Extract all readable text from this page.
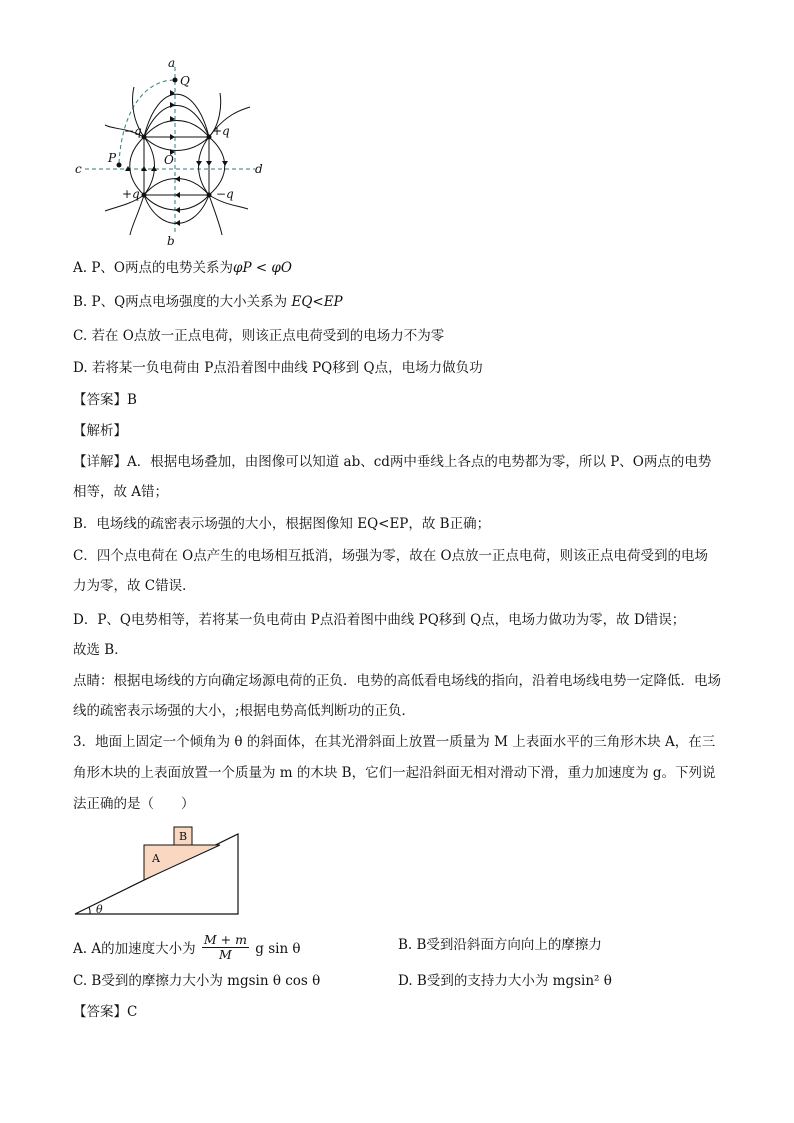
a
b
c	d
Q
P	O
−q	+q
+q	−q
A. P、O两点的电势关系为φP < φO
B. P、Q两点电场强度的大小关系为 EQ<EP
C. 若在 O点放一正点电荷，则该正点电荷受到的电场力不为零
D. 若将某一负电荷由 P点沿着图中曲线 PQ移到 Q点，电场力做负功
【答案】B
【解析】
【详解】A．根据电场叠加，由图像可以知道 ab、cd两中垂线上各点的电势都为零，所以 P、O两点的电势
相等，故 A错；
B．电场线的疏密表示场强的大小，根据图像知 EQ<EP，故 B正确；
C．四个点电荷在 O点产生的电场相互抵消，场强为零，故在 O点放一正点电荷，则该正点电荷受到的电场
力为零，故 C错误．
D．P、Q电势相等，若将某一负电荷由 P点沿着图中曲线 PQ移到 Q点，电场力做功为零，故 D错误；
故选 B．
点睛：根据电场线的方向确定场源电荷的正负．电势的高低看电场线的指向，沿着电场线电势一定降低．电场
线的疏密表示场强的大小，;根据电势高低判断功的正负．
3．地面上固定一个倾角为 θ 的斜面体，在其光滑斜面上放置一质量为 M 上表面水平的三角形木块 A，在三
角形木块的上表面放置一个质量为 m 的木块 B，它们一起沿斜面无相对滑动下滑，重力加速度为 g。下列说
法正确的是（　　）
A
B
θ
A. A的加速度大小为 $\frac{M + m}{M}$ g sin θ	B. B受到沿斜面方向向上的摩擦力
C. B受到的摩擦力大小为 mgsin θ cos θ	D. B受到的支持力大小为 mgsin² θ
【答案】C
